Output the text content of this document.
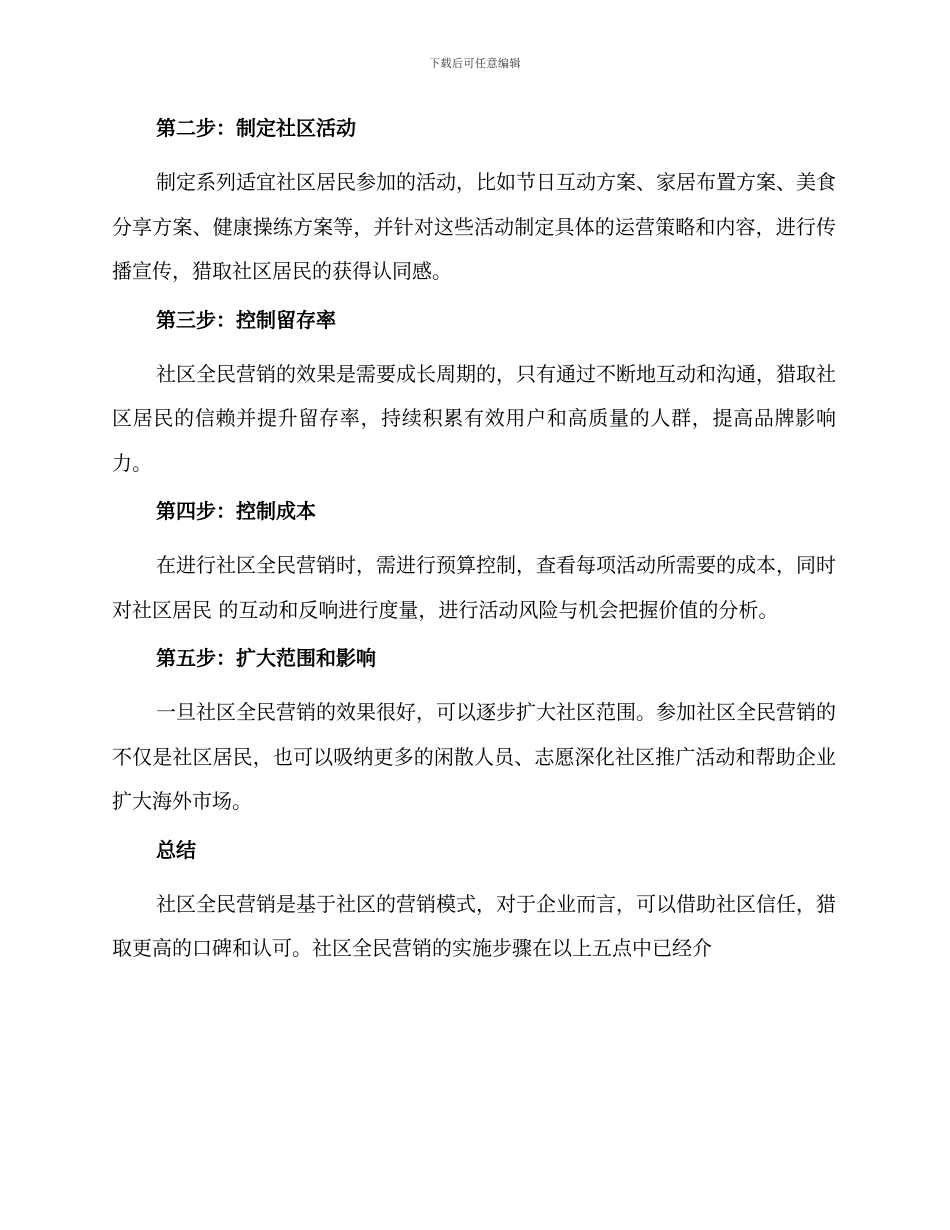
下载后可任意编辑

第二步：制定社区活动

制定系列适宜社区居民参加的活动，比如节日互动方案、家居布置方案、美食分享方案、健康操练方案等，并针对这些活动制定具体的运营策略和内容，进行传播宣传，猎取社区居民的获得认同感。

第三步：控制留存率

社区全民营销的效果是需要成长周期的，只有通过不断地互动和沟通，猎取社区居民的信赖并提升留存率，持续积累有效用户和高质量的人群，提高品牌影响力。

第四步：控制成本

在进行社区全民营销时，需进行预算控制，查看每项活动所需要的成本，同时对社区居民 的互动和反响进行度量，进行活动风险与机会把握价值的分析。

第五步：扩大范围和影响

一旦社区全民营销的效果很好，可以逐步扩大社区范围。参加社区全民营销的不仅是社区居民，也可以吸纳更多的闲散人员、志愿深化社区推广活动和帮助企业扩大海外市场。

总结

社区全民营销是基于社区的营销模式，对于企业而言，可以借助社区信任，猎取更高的口碑和认可。社区全民营销的实施步骤在以上五点中已经介
